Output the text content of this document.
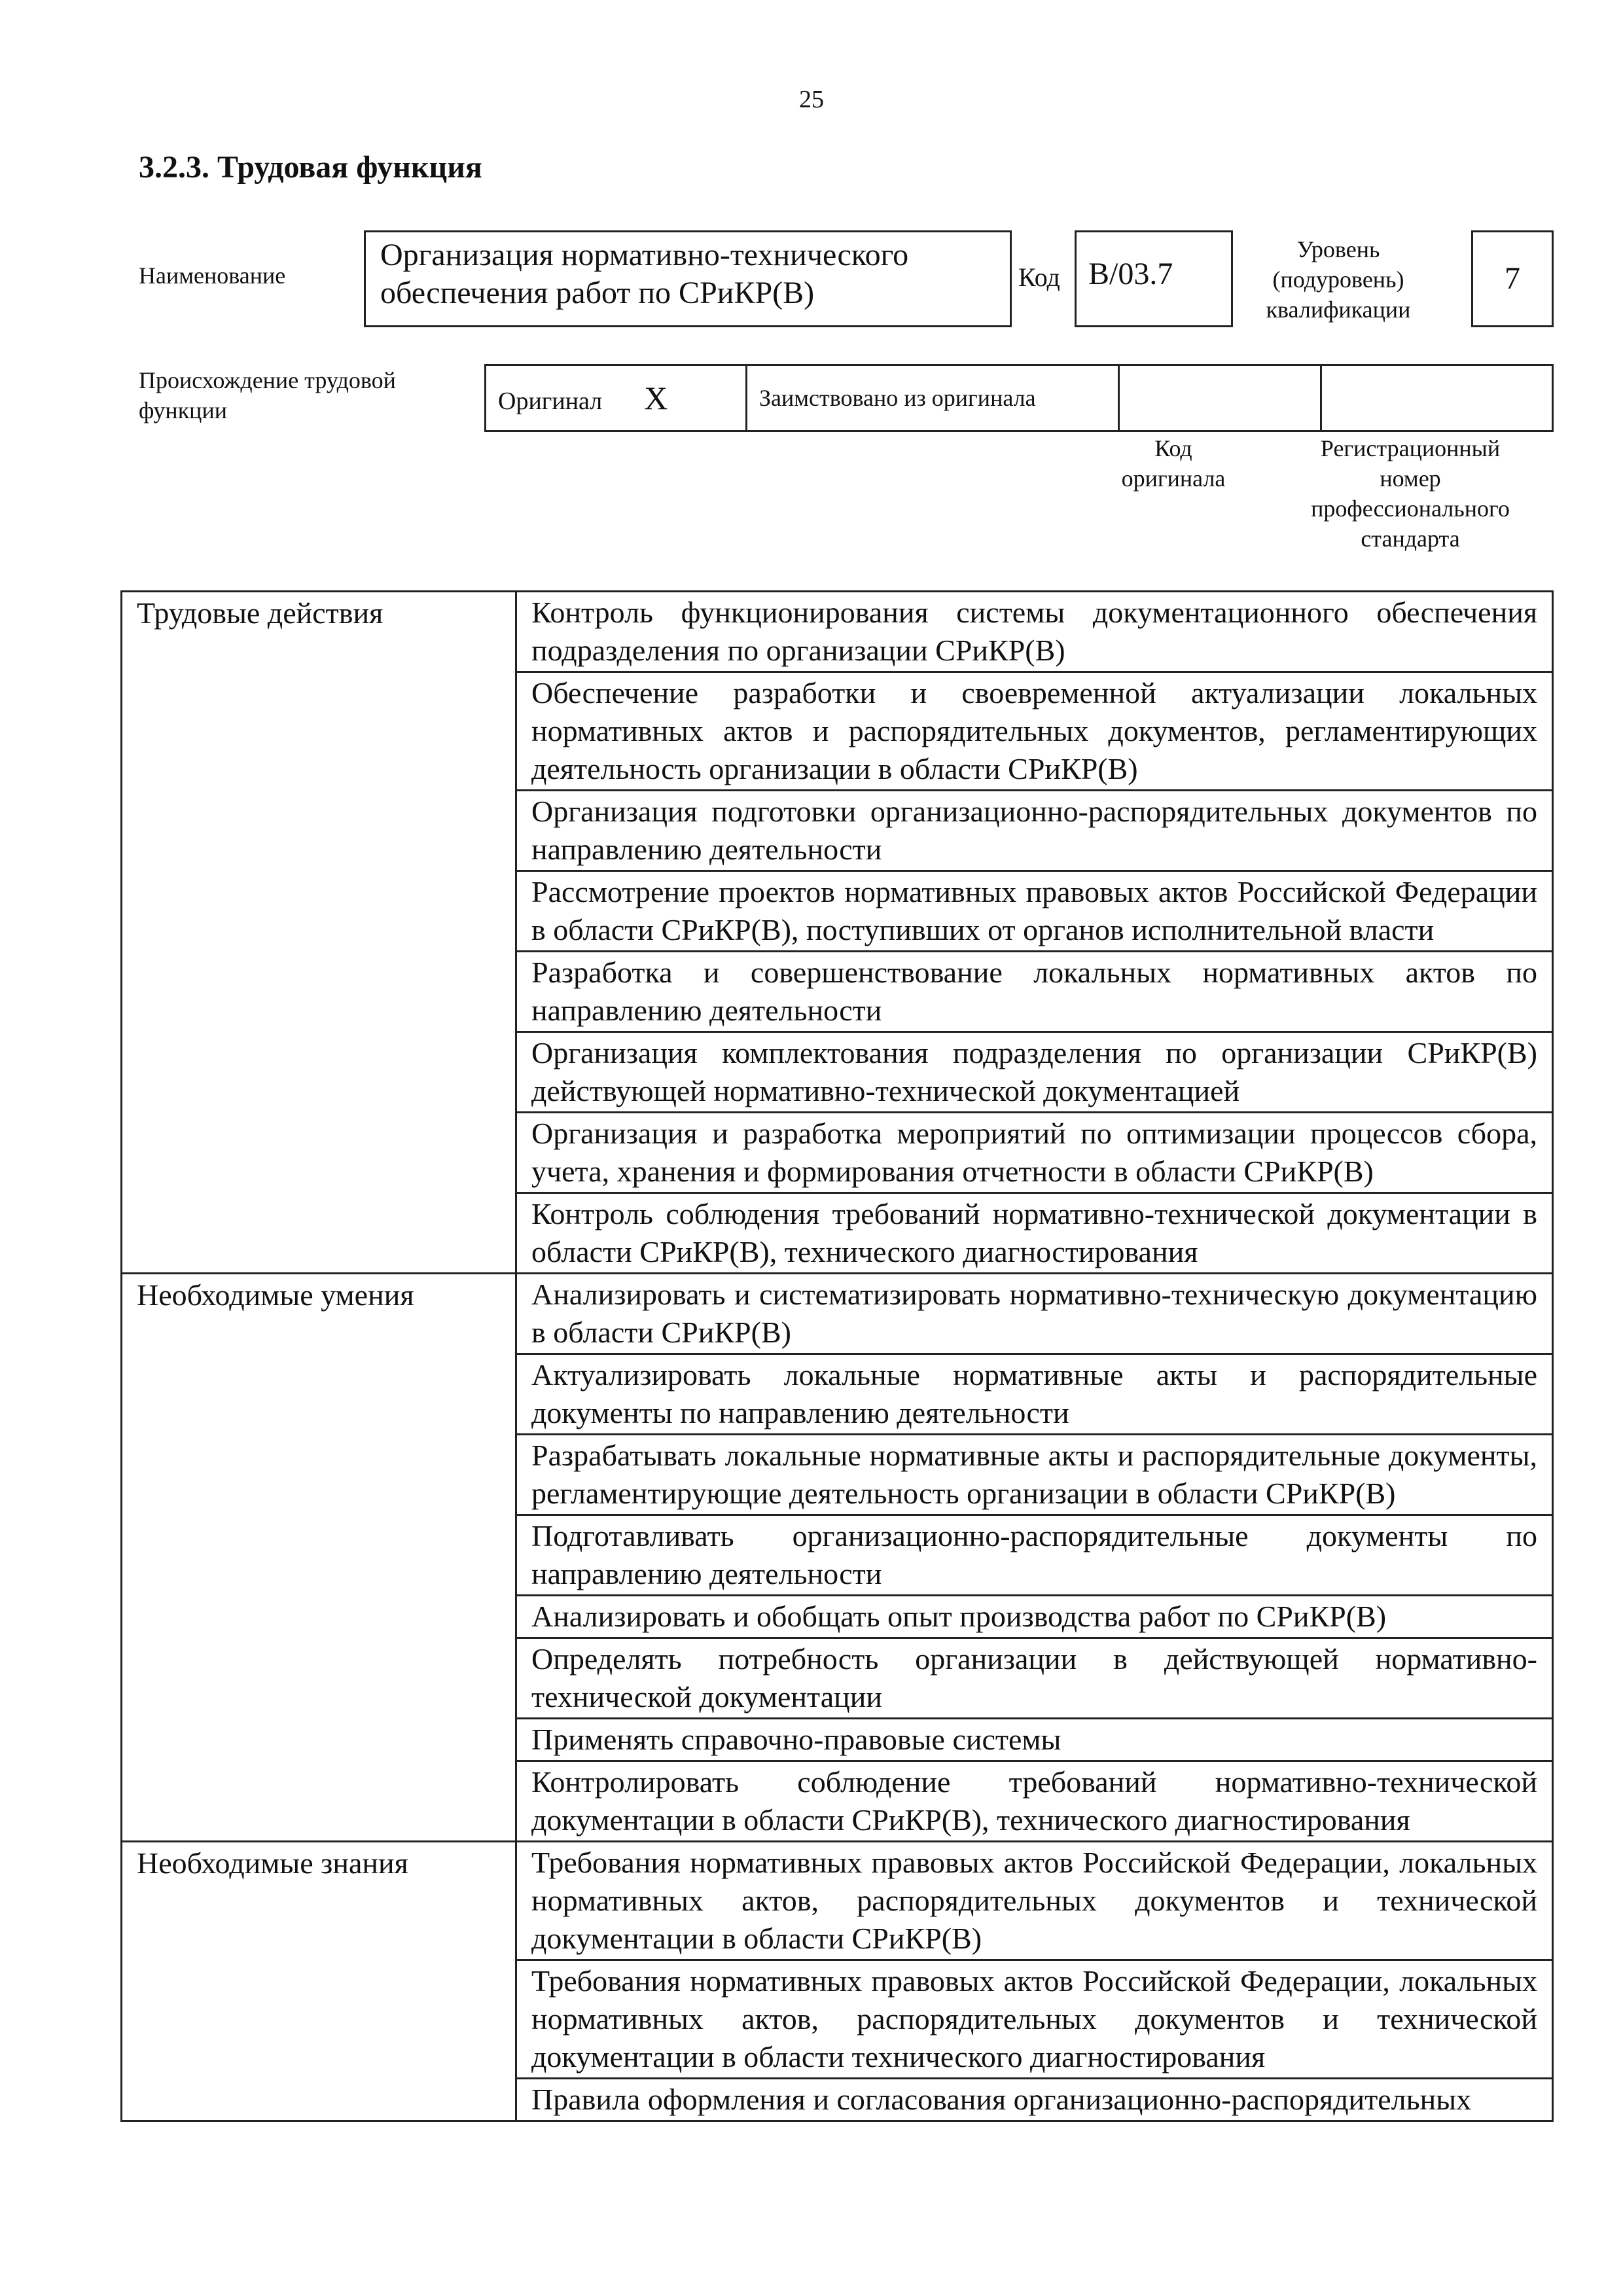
25
3.2.3. Трудовая функция
Наименование
Организация нормативно-технического обеспечения работ по СРиКР(В)	Код B/03.7
Уровень
(подуровень)
квалификации
7
Происхождение трудовой функции	Оригинал X	Заимствовано из оригинала		
Код
оригинала
Регистрационный
номер
профессионального
стандарта
Трудовые действия	Контроль функционирования системы документационного обеспечения подразделения по организации СРиКР(В)
	Обеспечение разработки и своевременной актуализации локальных нормативных актов и распорядительных документов, регламентирующих деятельность организации в области СРиКР(В)
	Организация подготовки организационно-распорядительных документов по направлению деятельности
	Рассмотрение проектов нормативных правовых актов Российской Федерации в области СРиКР(В), поступивших от органов исполнительной власти
	Разработка и совершенствование локальных нормативных актов по направлению деятельности
	Организация комплектования подразделения по организации СРиКР(В) действующей нормативно-технической документацией
	Организация и разработка мероприятий по оптимизации процессов сбора, учета, хранения и формирования отчетности в области СРиКР(В)
	Контроль соблюдения требований нормативно-технической документации в области СРиКР(В), технического диагностирования
Необходимые умения	Анализировать и систематизировать нормативно-техническую документацию в области СРиКР(В)
	Актуализировать локальные нормативные акты и распорядительные документы по направлению деятельности
	Разрабатывать локальные нормативные акты и распорядительные документы, регламентирующие деятельность организации в области СРиКР(В)
	Подготавливать организационно-распорядительные документы по направлению деятельности
	Анализировать и обобщать опыт производства работ по СРиКР(В)
	Определять потребность организации в действующей нормативно-технической документации
	Применять справочно-правовые системы
	Контролировать соблюдение требований нормативно-технической документации в области СРиКР(В), технического диагностирования
Необходимые знания	Требования нормативных правовых актов Российской Федерации, локальных нормативных актов, распорядительных документов и технической документации в области СРиКР(В)
	Требования нормативных правовых актов Российской Федерации, локальных нормативных актов, распорядительных документов и технической документации в области технического диагностирования
	Правила оформления и согласования организационно-распорядительных
